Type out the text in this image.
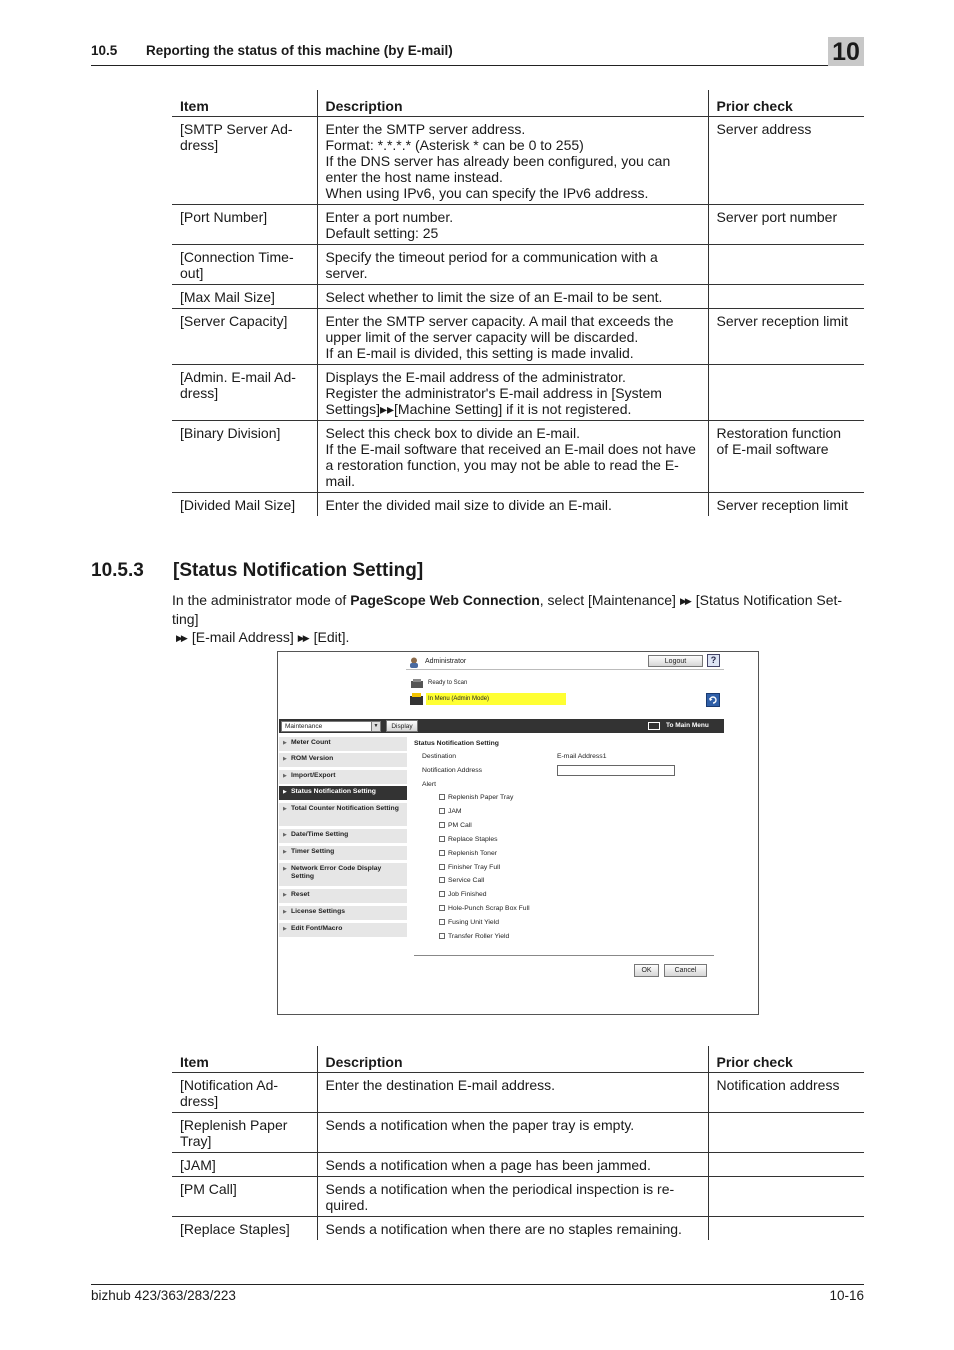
10.5 Reporting the status of this machine (by E-mail)	10
Item	Description	Prior check
[SMTP Server Ad-
dress]	Enter the SMTP server address.
Format: *.*.*.* (Asterisk * can be 0 to 255)
If the DNS server has already been configured, you can enter the host name instead.
When using IPv6, you can specify the IPv6 address.	Server address
[Port Number]	Enter a port number.
Default setting: 25	Server port number
[Connection Time-
out]	Specify the timeout period for a communication with a server.	
[Max Mail Size]	Select whether to limit the size of an E-mail to be sent.	
[Server Capacity]	Enter the SMTP server capacity. A mail that exceeds the upper limit of the server capacity will be discarded.
If an E-mail is divided, this setting is made invalid.	Server reception limit
[Admin. E-mail Ad-
dress]	Displays the E-mail address of the administrator.
Register the administrator's E-mail address in [System Settings]▸▸[Machine Setting] if it is not registered.	
[Binary Division]	Select this check box to divide an E-mail.
If the E-mail software that received an E-mail does not have a restoration function, you may not be able to read the E-mail.	Restoration function
of E-mail software
[Divided Mail Size]	Enter the divided mail size to divide an E-mail.	Server reception limit
10.5.3 [Status Notification Setting]
In the administrator mode of PageScope Web Connection, select [Maintenance] ▶▶ [Status Notification Set-ting]
▶▶ [E-mail Address] ▶▶ [Edit].
Administrator	Logout	?
Ready to Scan
In Menu (Admin Mode)
Maintenance	▼	Display	To Main Menu
▶ Meter Count
▶ ROM Version
▶ Import/Export
▶ Status Notification Setting
▶ Total Counter Notification Setting
▶ Date/Time Setting
▶ Timer Setting
▶ Network Error Code Display Setting
▶ Reset
▶ License Settings
▶ Edit Font/Macro
Status Notification Setting
Destination	E-mail Address1
Notification Address
Alert
Replenish Paper Tray
JAM
PM Call
Replace Staples
Replenish Toner
Finisher Tray Full
Service Call
Job Finished
Hole-Punch Scrap Box Full
Fusing Unit Yield
Transfer Roller Yield
OK	Cancel
Item	Description	Prior check
[Notification Ad-
dress]	Enter the destination E-mail address.	Notification address
[Replenish Paper
Tray]	Sends a notification when the paper tray is empty.	
[JAM]	Sends a notification when a page has been jammed.	
[PM Call]	Sends a notification when the periodical inspection is re-
quired.	
[Replace Staples]	Sends a notification when there are no staples remaining.	
bizhub 423/363/283/223	10-16
